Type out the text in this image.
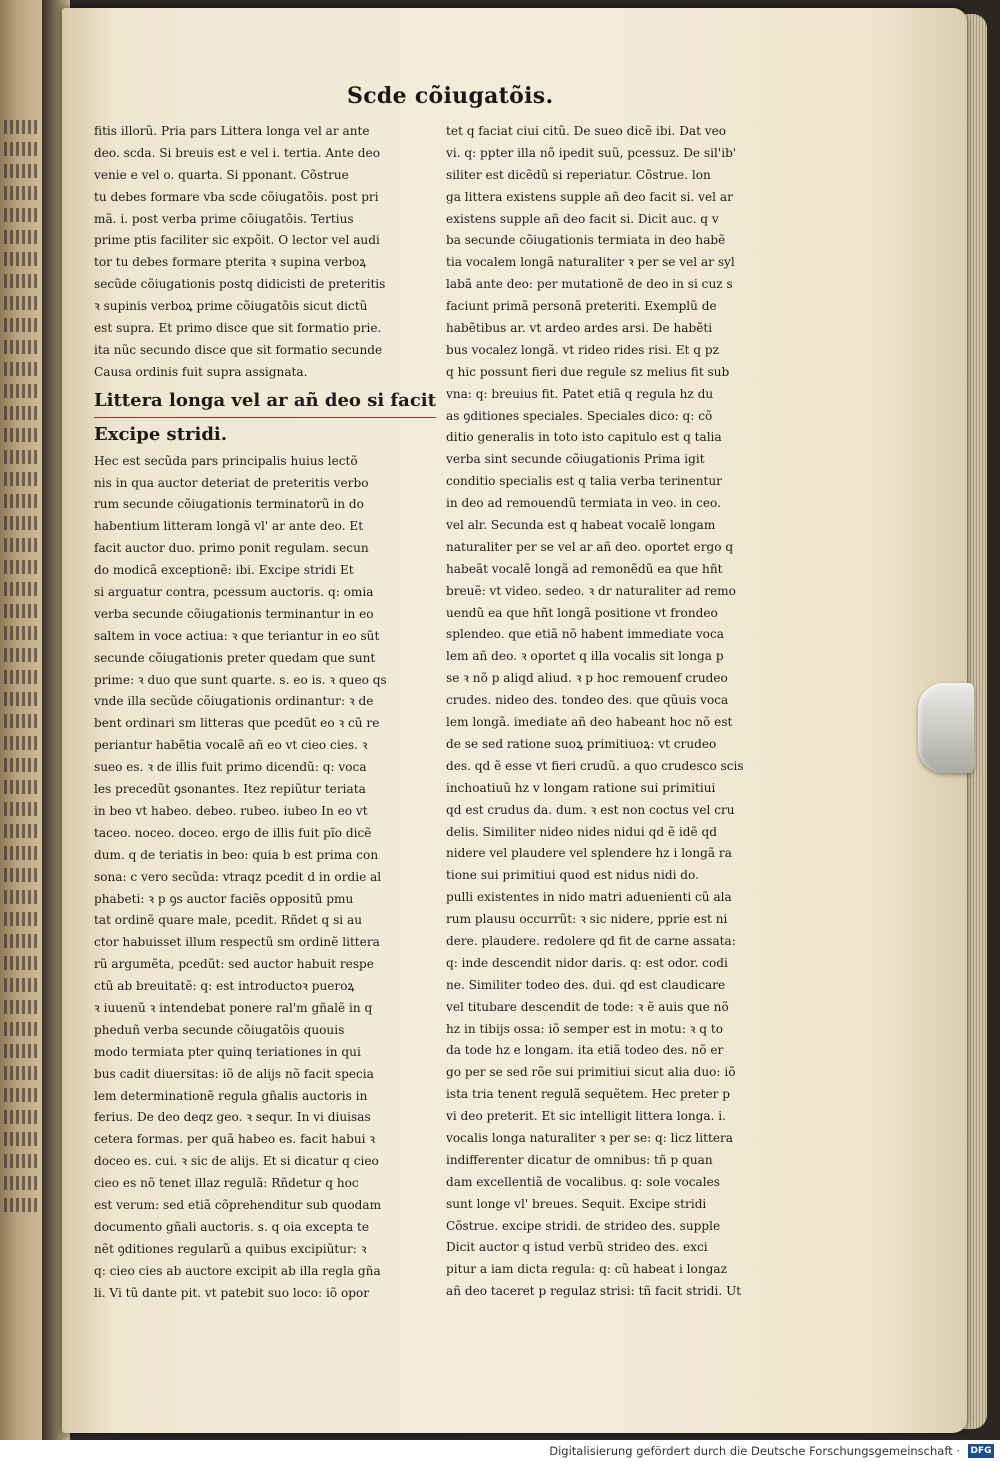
Scde cõiugatõis.
fitis illorũ. Pria pars Littera longa vel ar ante
deo. scda. Si breuis est e vel i. tertia. Ante deo
venie e vel o. quarta. Si pponant. Cõstrue
tu debes formare vba scde cõiugatõis. post pri
mã. i. post verba prime cõiugatõis. Tertius
prime ptis faciliter sic expõit. O lector vel audi
tor tu debes formare pterita ꝛ supina verboꝝ
secũde cõiugationis postq didicisti de preteritis
ꝛ supinis verboꝝ prime cõiugatõis sicut dictũ
est supra. Et primo disce que sit formatio prie.
ita nũc secundo disce que sit formatio secunde
Causa ordinis fuit supra assignata.
Littera longa vel ar añ deo si facit
Excipe stridi.
Hec est secũda pars principalis huius lectõ
nis in qua auctor deteriat de preteritis verbo
rum secunde cõiugationis terminatorũ in do
habentium litteram longã vl' ar ante deo. Et
facit auctor duo. primo ponit regulam. secun
do modicã exceptionẽ: ibi. Excipe stridi Et
si arguatur contra, pcessum auctoris. q: omia
verba secunde cõiugationis terminantur in eo
saltem in voce actiua: ꝛ que teriantur in eo sũt
secunde cõiugationis preter quedam que sunt
prime: ꝛ duo que sunt quarte. s. eo is. ꝛ queo qs
vnde illa secũde cõiugationis ordinantur: ꝛ de
bent ordinari sm litteras que pcedũt eo ꝛ cũ re
periantur habẽtia vocalẽ añ eo vt cieo cies. ꝛ
sueo es. ꝛ de illis fuit primo dicendũ: q: voca
les precedũt ꝯsonantes. Itez repiũtur teriata
in beo vt habeo. debeo. rubeo. iubeo In eo vt
taceo. noceo. doceo. ergo de illis fuit pĩo dicẽ
dum. q de teriatis in beo: quia b est prima con
sona: c vero secũda: vtraqz pcedit d in ordie al
phabeti: ꝛ p ꝯs auctor faciẽs oppositũ pmu
tat ordinẽ quare male, pcedit. Rñdet q si au
ctor habuisset illum respectũ sm ordinẽ littera
rũ argumẽta, pcedũt: sed auctor habuit respe
ctũ ab breuitatẽ: q: est introductoꝛ pueroꝝ
ꝛ iuuenũ ꝛ intendebat ponere ral'm gñalẽ in q
pheduñ verba secunde cõiugatõis quouis
modo termiata pter quinq teriationes in qui
bus cadit diuersitas: iõ de alijs nõ facit specia
lem determinationẽ regula gñalis auctoris in
ferius. De deo deqz geo. ꝛ sequr. In vi diuisas
cetera formas. per quã habeo es. facit habui ꝛ
doceo es. cui. ꝛ sic de alijs. Et si dicatur q cieo
cieo es nõ tenet illaz regulã: Rñdetur q hoc
est verum: sed etiã cõprehenditur sub quodam
documento gñali auctoris. s. q oia excepta te
nẽt ꝯditiones regularũ a quibus excipiũtur: ꝛ
q: cieo cies ab auctore excipit ab illa regla gña
li. Vi tũ dante pit. vt patebit suo loco: iõ opor
tet q faciat ciui citũ. De sueo dicẽ ibi. Dat veo
vi. q: ppter illa nõ ipedit suũ, pcessuz. De sil'ib'
siliter est dicẽdũ si reperiatur. Cõstrue. lon
ga littera existens supple añ deo facit si. vel ar
existens supple añ deo facit si. Dicit auc. q v
ba secunde cõiugationis termiata in deo habẽ
tia vocalem longã naturaliter ꝛ per se vel ar syl
labã ante deo: per mutationẽ de deo in si cuz s
faciunt primã personã preteriti. Exemplũ de
habẽtibus ar. vt ardeo ardes arsi. De habẽti
bus vocalez longã. vt rideo rides risi. Et q pz
q hic possunt fieri due regule sz melius fit sub
vna: q: breuius fit. Patet etiã q regula hz du
as ꝯditiones speciales. Speciales dico: q: cõ
ditio generalis in toto isto capitulo est q talia
verba sint secunde cõiugationis Prima igit
conditio specialis est q talia verba terinentur
in deo ad remouendũ termiata in veo. in ceo.
vel alr. Secunda est q habeat vocalẽ longam
naturaliter per se vel ar añ deo. oportet ergo q
habeãt vocalẽ longã ad remonẽdũ ea que hñt
breuẽ: vt video. sedeo. ꝛ dr naturaliter ad remo
uendũ ea que hñt longã positione vt frondeo
splendeo. que etiã nõ habent immediate voca
lem añ deo. ꝛ oportet q illa vocalis sit longa p
se ꝛ nõ p aliqd aliud. ꝛ p hoc remouenf crudeo
crudes. nideo des. tondeo des. que qũuis voca
lem longã. imediate añ deo habeant hoc nõ est
de se sed ratione suoꝝ primitiuoꝝ: vt crudeo
des. qd ẽ esse vt fieri crudũ. a quo crudesco scis
inchoatiuũ hz v longam ratione sui primitiui
qd est crudus da. dum. ꝛ est non coctus vel cru
delis. Similiter nideo nides nidui qd ẽ idẽ qd
nidere vel plaudere vel splendere hz i longã ra
tione sui primitiui quod est nidus nidi do.
pulli existentes in nido matri aduenienti cũ ala
rum plausu occurrũt: ꝛ sic nidere, pprie est ni
dere. plaudere. redolere qd fit de carne assata:
q: inde descendit nidor daris. q: est odor. codi
ne. Similiter todeo des. dui. qd est claudicare
vel titubare descendit de tode: ꝛ ẽ auis que nõ
hz in tibijs ossa: iõ semper est in motu: ꝛ q to
da tode hz e longam. ita etiã todeo des. nõ er
go per se sed rõe sui primitiui sicut alia duo: iõ
ista tria tenent regulã sequẽtem. Hec preter p
vi deo preterit. Et sic intelligit littera longa. i.
vocalis longa naturaliter ꝛ per se: q: licz littera
indifferenter dicatur de omnibus: tñ p quan
dam excellentiã de vocalibus. q: sole vocales
sunt longe vl' breues. Sequit. Excipe stridi
Cõstrue. excipe stridi. de strideo des. supple
Dicit auctor q istud verbũ strideo des. exci
pitur a iam dicta regula: q: cũ habeat i longaz
añ deo taceret p regulaz strisi: tñ facit stridi. Ut
Digitalisierung gefördert durch die Deutsche Forschungsgemeinschaft · DFG
